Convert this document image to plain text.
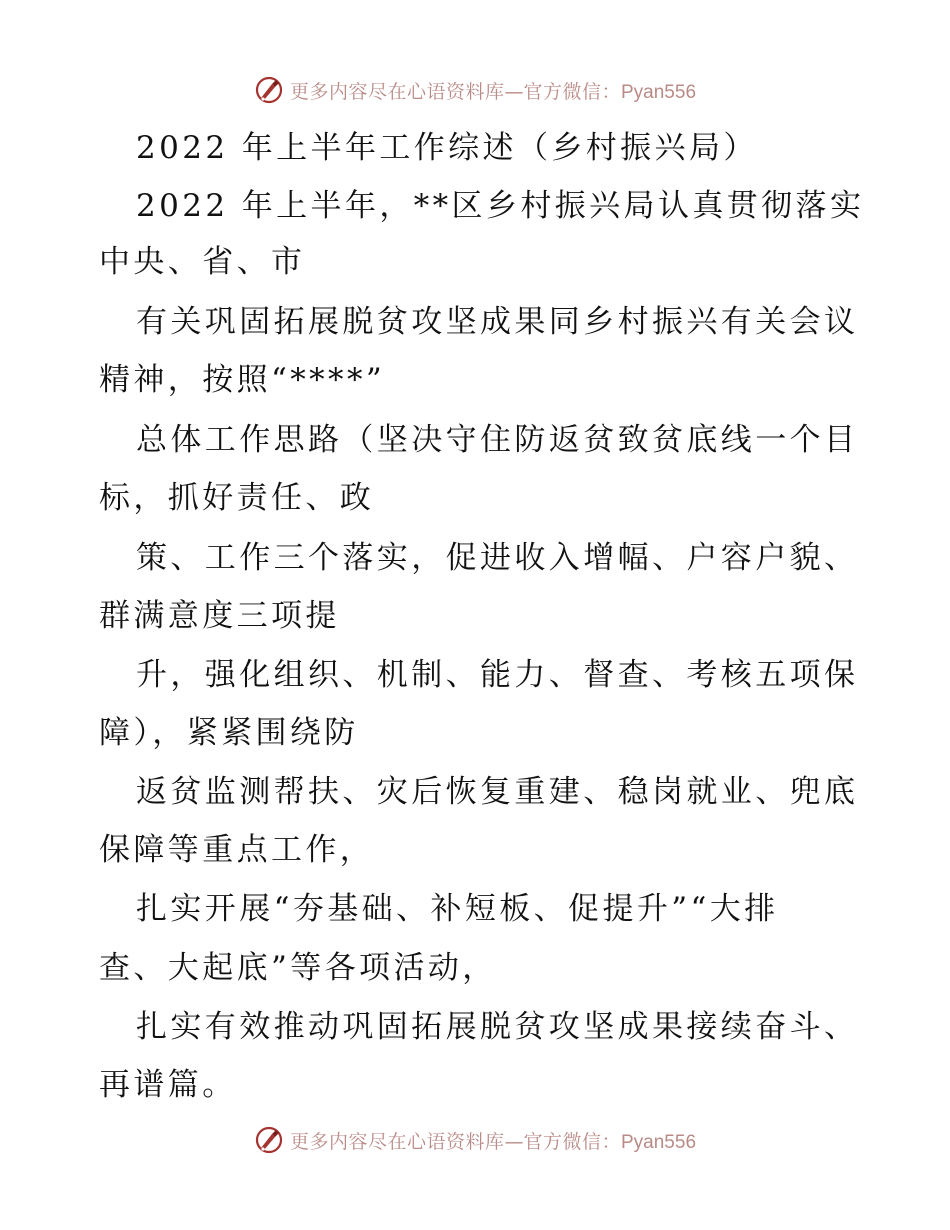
更多内容尽在心语资料库 — 官方微信： Pyan556
2022 年上半年工作综述（乡村振兴局）
2022 年上半年，**区乡村振兴局认真贯彻落实
中央、省、市
有关巩固拓展脱贫攻坚成果同乡村振兴有关会议
精神，按照“****”
总体工作思路（坚决守住防返贫致贫底线一个目
标，抓好责任、政
策、工作三个落实，促进收入增幅、户容户貌、
群满意度三项提
升，强化组织、机制、能力、督查、考核五项保
障），紧紧围绕防
返贫监测帮扶、灾后恢复重建、稳岗就业、兜底
保障等重点工作，
扎实开展“夯基础、补短板、促提升”“大排
查、大起底”等各项活动，
扎实有效推动巩固拓展脱贫攻坚成果接续奋斗、
再谱篇。
更多内容尽在心语资料库 — 官方微信： Pyan556
